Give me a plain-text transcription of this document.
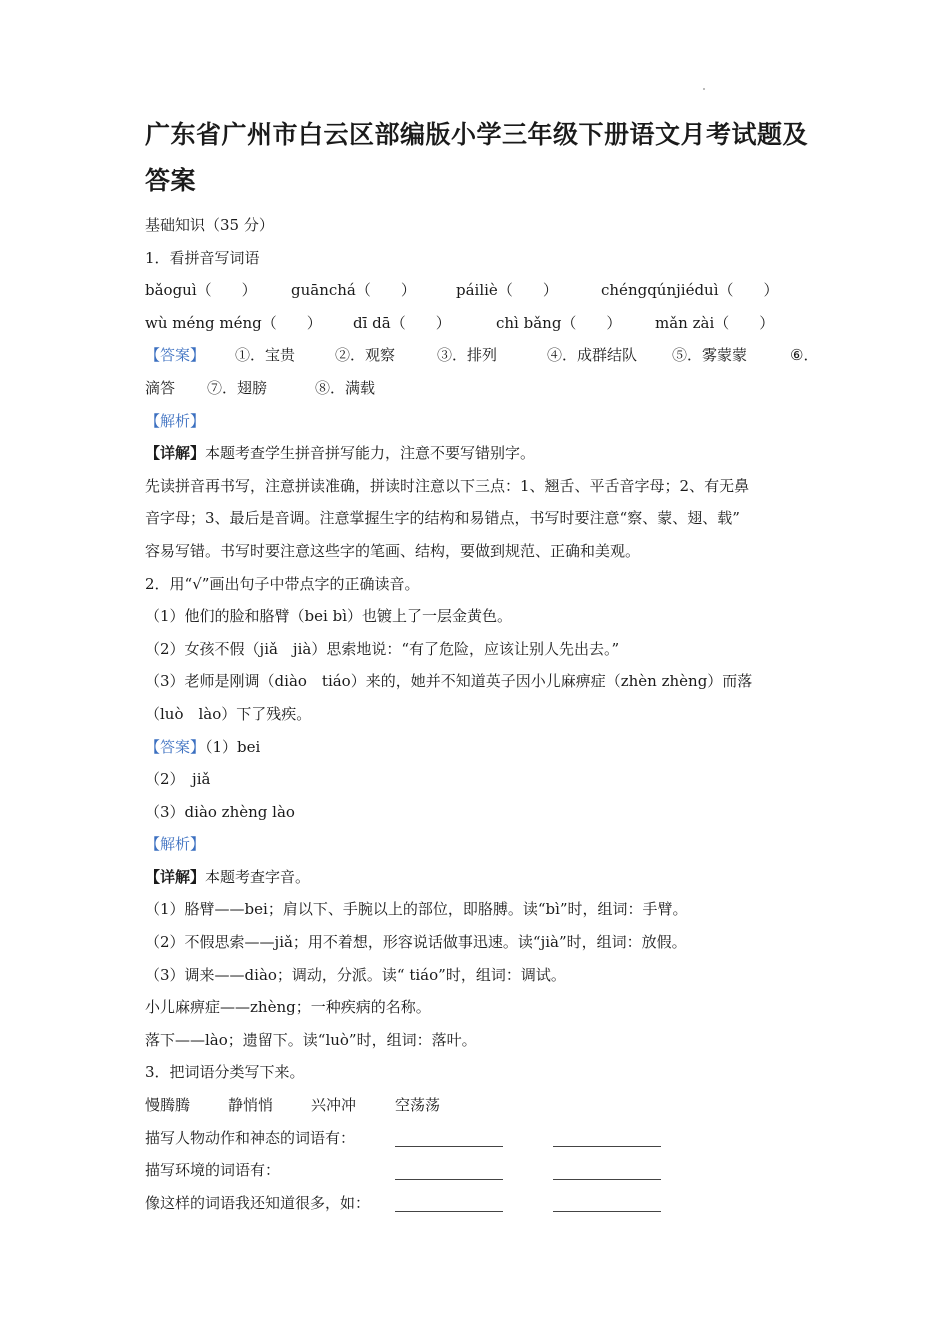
广东省广州市白云区部编版小学三年级下册语文月考试题及答案
基础知识（35 分）
1．看拼音写词语
bǎoguì（　　） guānchá（　　）	páiliè（　　）	chéngqúnjiéduì（　　）
wù méng méng（　　） dī dā（　　）	chì bǎng（　　） mǎn zài（　　）
【答案】 ①．宝贵	②．观察	③．排列	④．成群结队 ⑤．雾蒙蒙	⑥．
滴答 ⑦．翅膀	⑧．满载
【解析】
【详解】本题考查学生拼音拼写能力，注意不要写错别字。
先读拼音再书写，注意拼读准确，拼读时注意以下三点：1、翘舌、平舌音字母；2、有无鼻
音字母；3、最后是音调。注意掌握生字的结构和易错点，书写时要注意“察、蒙、翅、载”
容易写错。书写时要注意这些字的笔画、结构，要做到规范、正确和美观。
2．用“√”画出句子中带点字的正确读音。
（1）他们的脸和胳臂（bei bì）也镀上了一层金黄色。
（2）女孩不假（jiǎ　jià）思索地说：“有了危险，应该让别人先出去。”
（3）老师是刚调（diào　tiáo）来的，她并不知道英子因小儿麻痹症（zhèn zhèng）而落
（luò　lào）下了残疾。
【答案】（1）bei
（2）　jiǎ
（3）diào zhèng lào
【解析】
【详解】本题考查字音。
（1）胳臂——bei；肩以下、手腕以上的部位，即胳膊。读“bì”时，组词：手臂。
（2）不假思索——jiǎ；用不着想，形容说话做事迅速。读“jià”时，组词：放假。
（3）调来——diào；调动，分派。读“ tiáo”时，组词：调试。
小儿麻痹症——zhèng；一种疾病的名称。
落下——lào；遗留下。读“luò”时，组词：落叶。
3．把词语分类写下来。
慢腾腾	静悄悄	兴冲冲	空荡荡
描写人物动作和神态的词语有：
描写环境的词语有：
像这样的词语我还知道很多，如：
